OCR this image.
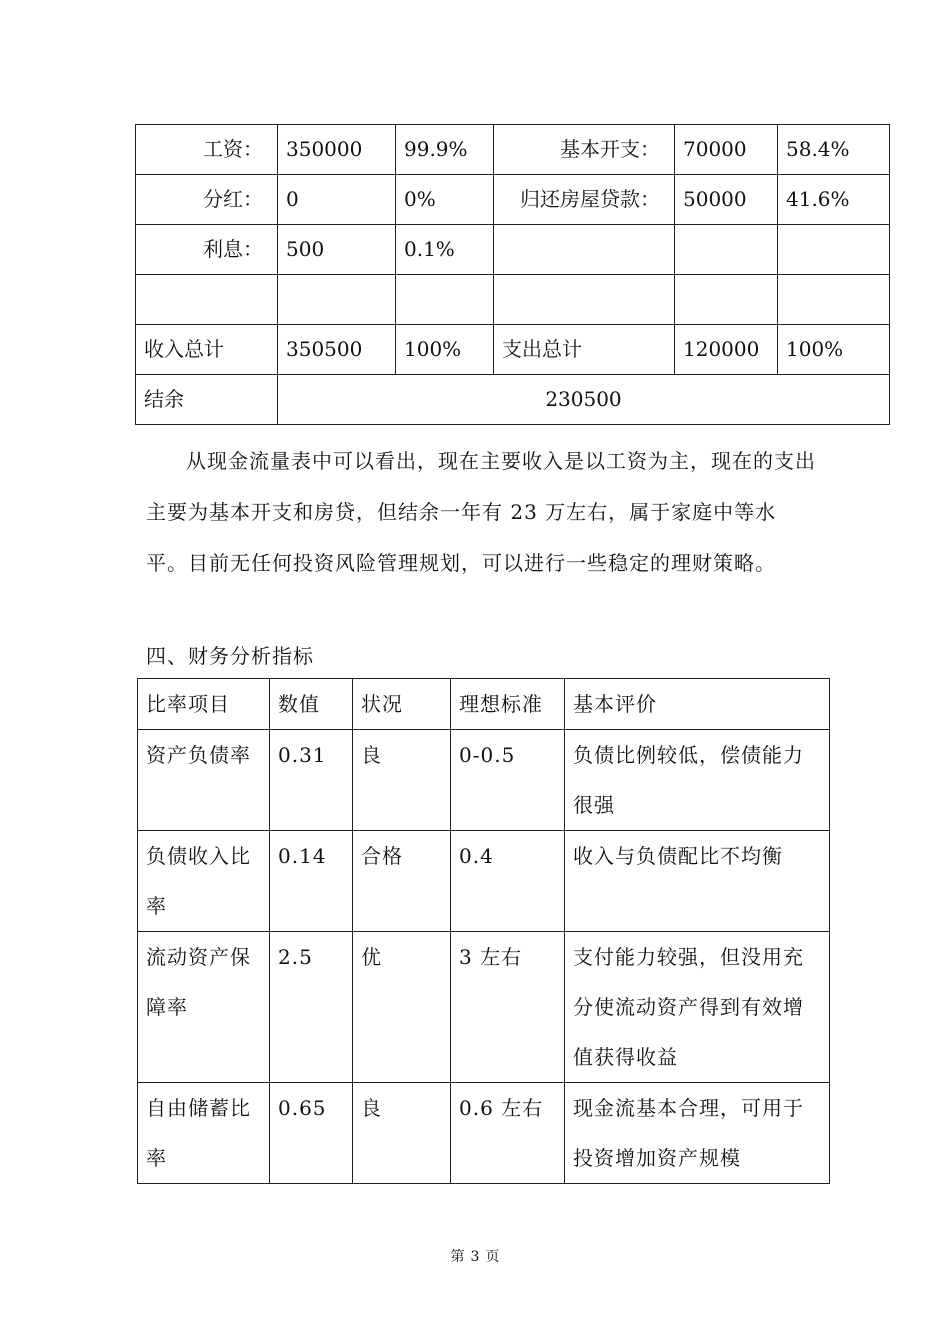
工资：	350000	99.9%	基本开支：	70000	58.4%
分红：	0	0%	归还房屋贷款：	50000	41.6%
利息：	500	0.1%			

收入总计	350500	100%	支出总计	120000	100%
结余	230500				

从现金流量表中可以看出，现在主要收入是以工资为主，现在的支出主要为基本开支和房贷，但结余一年有 23 万左右，属于家庭中等水平。目前无任何投资风险管理规划，可以进行一些稳定的理财策略。

四、财务分析指标

比率项目	数值	状况	理想标准	基本评价
资产负债率	0.31	良	0-0.5	负债比例较低，偿债能力很强
负债收入比率	0.14	合格	0.4	收入与负债配比不均衡
流动资产保障率	2.5	优	3 左右	支付能力较强，但没用充分使流动资产得到有效增值获得收益
自由储蓄比率	0.65	良	0.6 左右	现金流基本合理，可用于投资增加资产规模
第 3 页
